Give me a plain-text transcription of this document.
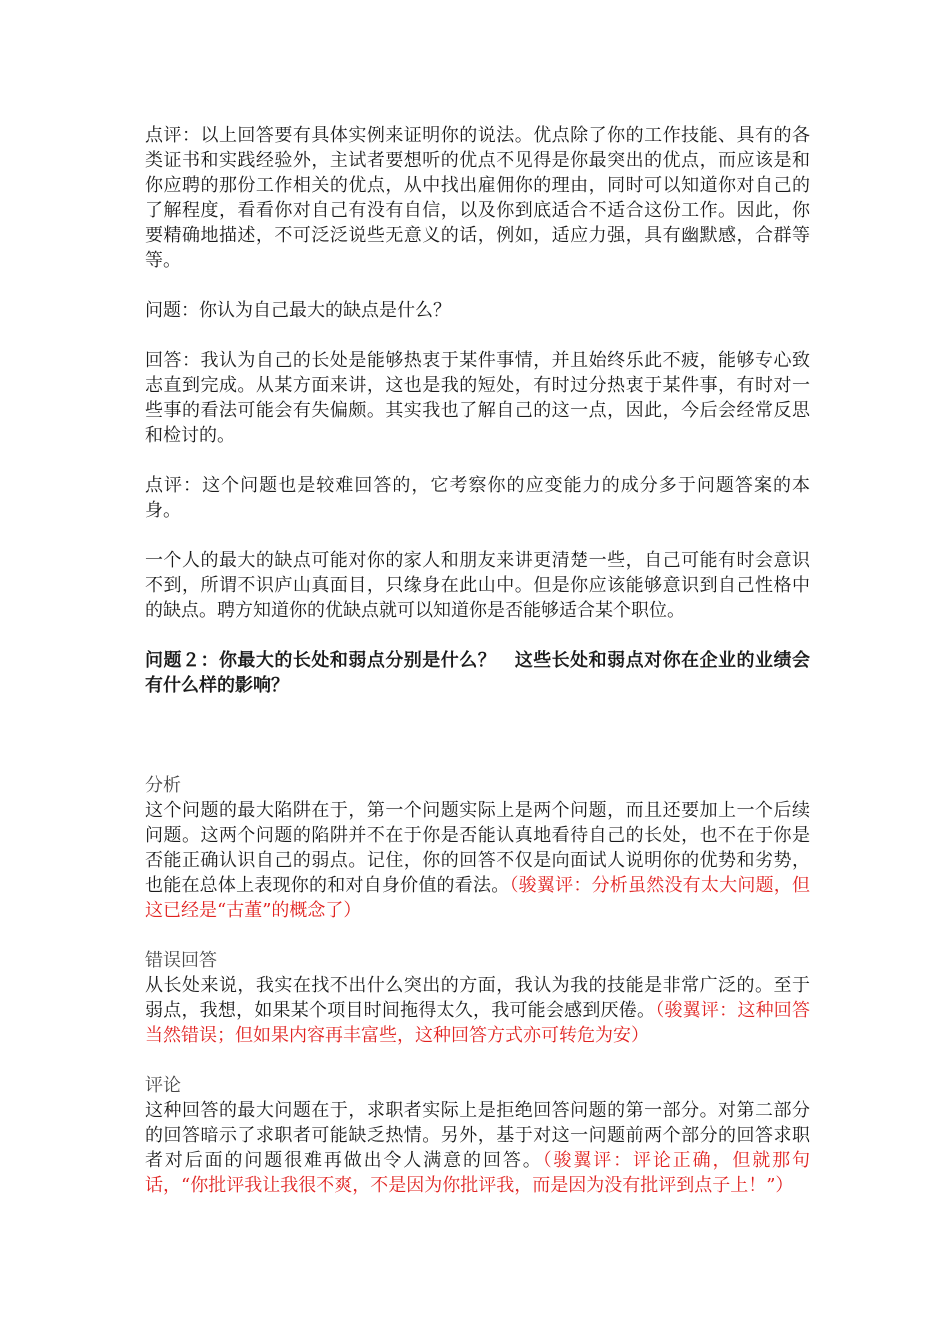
点评：以上回答要有具体实例来证明你的说法。优点除了你的工作技能、具有的各类证书和实践经验外，主试者要想听的优点不见得是你最突出的优点，而应该是和你应聘的那份工作相关的优点，从中找出雇佣你的理由，同时可以知道你对自己的了解程度，看看你对自己有没有自信，以及你到底适合不适合这份工作。因此，你要精确地描述，不可泛泛说些无意义的话，例如，适应力强，具有幽默感，合群等等。

问题：你认为自己最大的缺点是什么？

回答：我认为自己的长处是能够热衷于某件事情，并且始终乐此不疲，能够专心致志直到完成。从某方面来讲，这也是我的短处，有时过分热衷于某件事，有时对一些事的看法可能会有失偏颇。其实我也了解自己的这一点，因此，今后会经常反思和检讨的。

点评：这个问题也是较难回答的，它考察你的应变能力的成分多于问题答案的本身。

一个人的最大的缺点可能对你的家人和朋友来讲更清楚一些，自己可能有时会意识不到，所谓不识庐山真面目，只缘身在此山中。但是你应该能够意识到自己性格中的缺点。聘方知道你的优缺点就可以知道你是否能够适合某个职位。

问题２：你最大的长处和弱点分别是什么？　这些长处和弱点对你在企业的业绩会有什么样的影响？

分析

这个问题的最大陷阱在于，第一个问题实际上是两个问题，而且还要加上一个后续问题。这两个问题的陷阱并不在于你是否能认真地看待自己的长处，也不在于你是否能正确认识自己的弱点。记住，你的回答不仅是向面试人说明你的优势和劣势，也能在总体上表现你的和对自身价值的看法。（骏翼评：分析虽然没有太大问题，但这已经是“古董”的概念了）

错误回答

从长处来说，我实在找不出什么突出的方面，我认为我的技能是非常广泛的。至于弱点，我想，如果某个项目时间拖得太久，我可能会感到厌倦。（骏翼评：这种回答当然错误；但如果内容再丰富些，这种回答方式亦可转危为安）

评论

这种回答的最大问题在于，求职者实际上是拒绝回答问题的第一部分。对第二部分的回答暗示了求职者可能缺乏热情。另外，基于对这一问题前两个部分的回答求职者对后面的问题很难再做出令人满意的回答。（骏翼评：评论正确，但就那句话，“你批评我让我很不爽，不是因为你批评我，而是因为没有批评到点子上！”）
